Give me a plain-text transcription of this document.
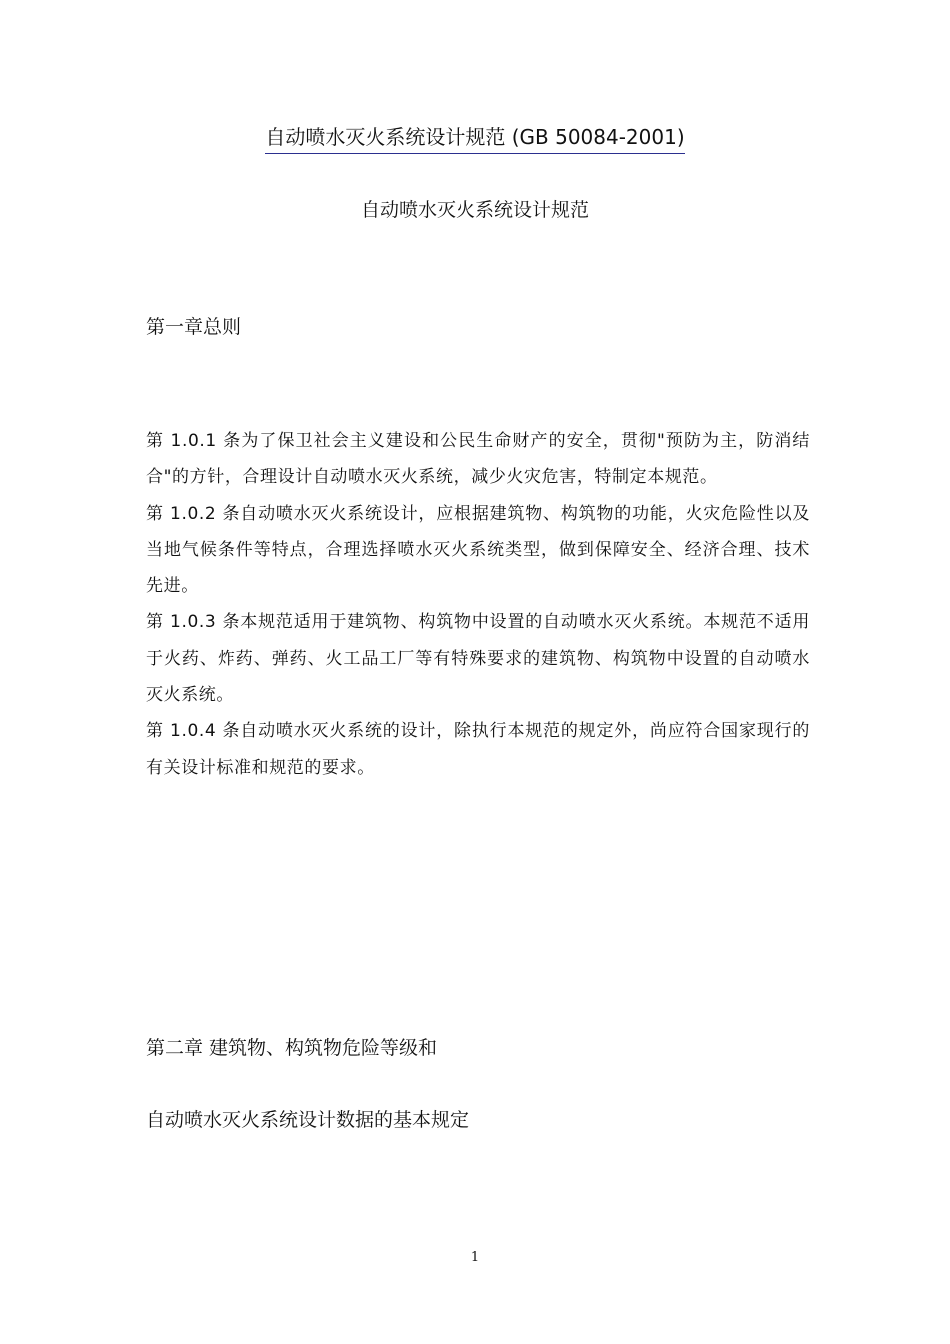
自动喷水灭火系统设计规范 (GB 50084-2001)
自动喷水灭火系统设计规范
第一章总则

第 1.0.1 条为了保卫社会主义建设和公民生命财产的安全，贯彻"预防为主，防消结合"的方针，合理设计自动喷水灭火系统，减少火灾危害，特制定本规范。

第 1.0.2 条自动喷水灭火系统设计，应根据建筑物、构筑物的功能，火灾危险性以及当地气候条件等特点，合理选择喷水灭火系统类型，做到保障安全、经济合理、技术先进。

第 1.0.3 条本规范适用于建筑物、构筑物中设置的自动喷水灭火系统。本规范不适用于火药、炸药、弹药、火工品工厂等有特殊要求的建筑物、构筑物中设置的自动喷水灭火系统。

第 1.0.4 条自动喷水灭火系统的设计，除执行本规范的规定外，尚应符合国家现行的有关设计标准和规范的要求。

第二章 建筑物、构筑物危险等级和
自动喷水灭火系统设计数据的基本规定
1
